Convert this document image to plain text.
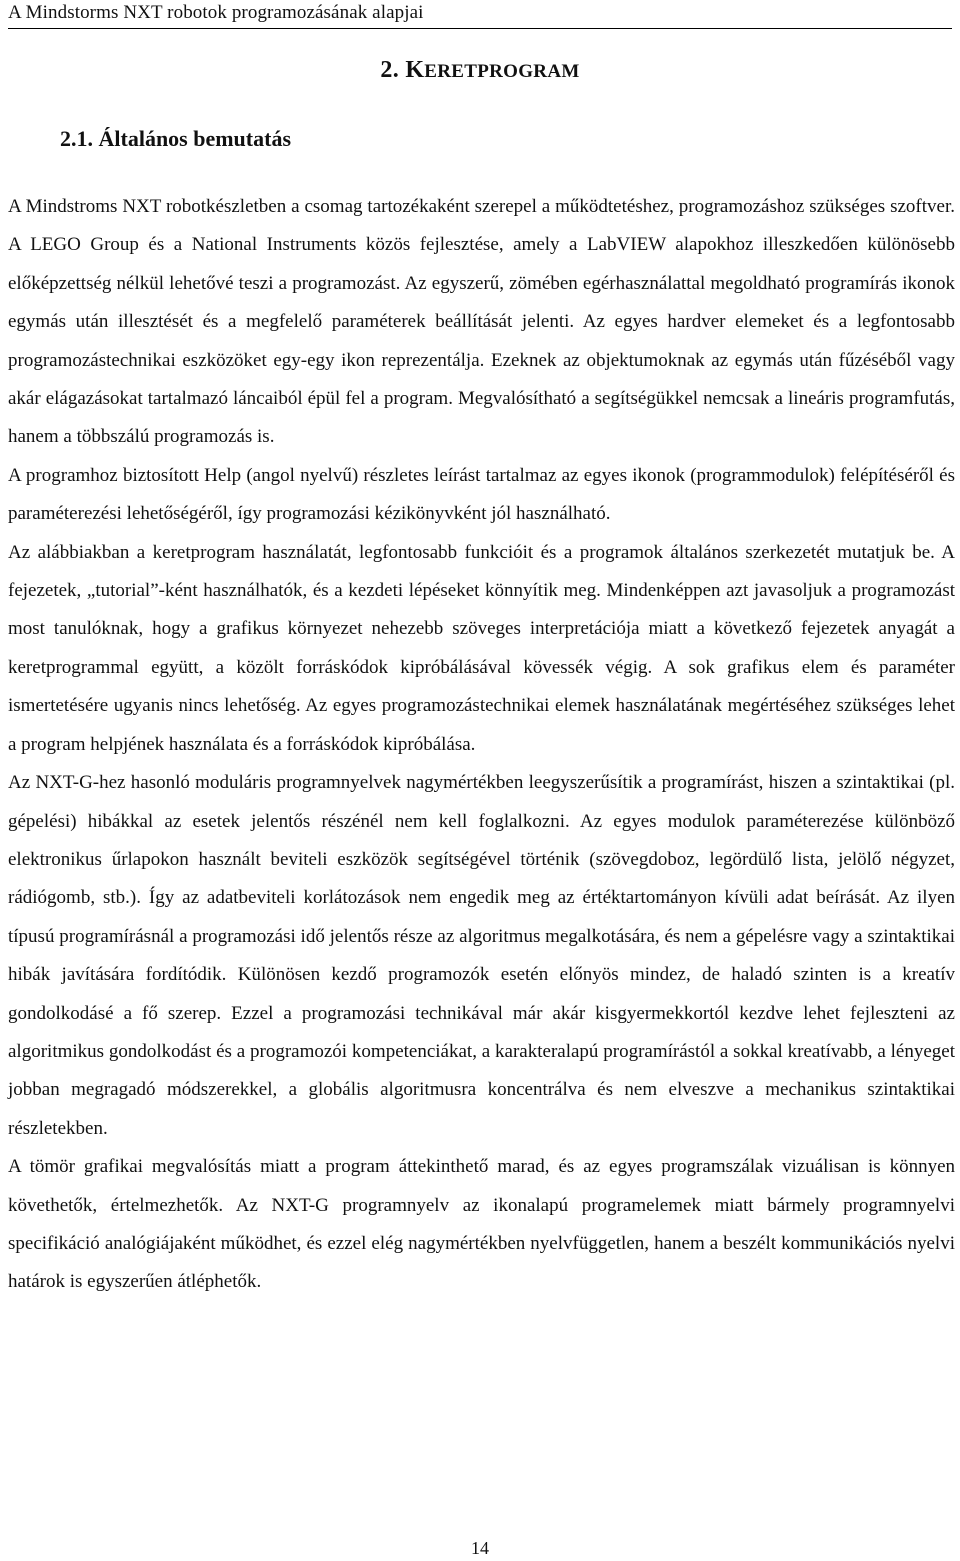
A Mindstorms NXT robotok programozásának alapjai
2. KERETPROGRAM
2.1. Általános bemutatás

A Mindstroms NXT robotkészletben a csomag tartozékaként szerepel a működtetéshez, programozáshoz szükséges szoftver. A LEGO Group és a National Instruments közös fejlesztése, amely a LabVIEW alapokhoz illeszkedően különösebb előképzettség nélkül lehetővé teszi a programozást. Az egyszerű, zömében egérhasználattal megoldható programírás ikonok egymás után illesztését és a megfelelő paraméterek beállítását jelenti. Az egyes hardver elemeket és a legfontosabb programozástechnikai eszközöket egy-egy ikon reprezentálja. Ezeknek az objektumoknak az egymás után fűzéséből vagy akár elágazásokat tartalmazó láncaiból épül fel a program. Megvalósítható a segítségükkel nemcsak a lineáris programfutás, hanem a többszálú programozás is.

A programhoz biztosított Help (angol nyelvű) részletes leírást tartalmaz az egyes ikonok (programmodulok) felépítéséről és paraméterezési lehetőségéről, így programozási kézikönyvként jól használható.

Az alábbiakban a keretprogram használatát, legfontosabb funkcióit és a programok általános szerkezetét mutatjuk be. A fejezetek, „tutorial”-ként használhatók, és a kezdeti lépéseket könnyítik meg. Mindenképpen azt javasoljuk a programozást most tanulóknak, hogy a grafikus környezet nehezebb szöveges interpretációja miatt a következő fejezetek anyagát a keretprogrammal együtt, a közölt forráskódok kipróbálásával kövessék végig. A sok grafikus elem és paraméter ismertetésére ugyanis nincs lehetőség. Az egyes programozástechnikai elemek használatának megértéséhez szükséges lehet a program helpjének használata és a forráskódok kipróbálása.

Az NXT-G-hez hasonló moduláris programnyelvek nagymértékben leegyszerűsítik a programírást, hiszen a szintaktikai (pl. gépelési) hibákkal az esetek jelentős részénél nem kell foglalkozni. Az egyes modulok paraméterezése különböző elektronikus űrlapokon használt beviteli eszközök segítségével történik (szövegdoboz, legördülő lista, jelölő négyzet, rádiógomb, stb.). Így az adatbeviteli korlátozások nem engedik meg az értéktartományon kívüli adat beírását. Az ilyen típusú programírásnál a programozási idő jelentős része az algoritmus megalkotására, és nem a gépelésre vagy a szintaktikai hibák javítására fordítódik. Különösen kezdő programozók esetén előnyös mindez, de haladó szinten is a kreatív gondolkodásé a fő szerep. Ezzel a programozási technikával már akár kisgyermekkortól kezdve lehet fejleszteni az algoritmikus gondolkodást és a programozói kompetenciákat, a karakteralapú programírástól a sokkal kreatívabb, a lényeget jobban megragadó módszerekkel, a globális algoritmusra koncentrálva és nem elveszve a mechanikus szintaktikai részletekben.

A tömör grafikai megvalósítás miatt a program áttekinthető marad, és az egyes programszálak vizuálisan is könnyen követhetők, értelmezhetők. Az NXT-G programnyelv az ikonalapú programelemek miatt bármely programnyelvi specifikáció analógiájaként működhet, és ezzel elég nagymértékben nyelvfüggetlen, hanem a beszélt kommunikációs nyelvi határok is egyszerűen átléphetők.

14
